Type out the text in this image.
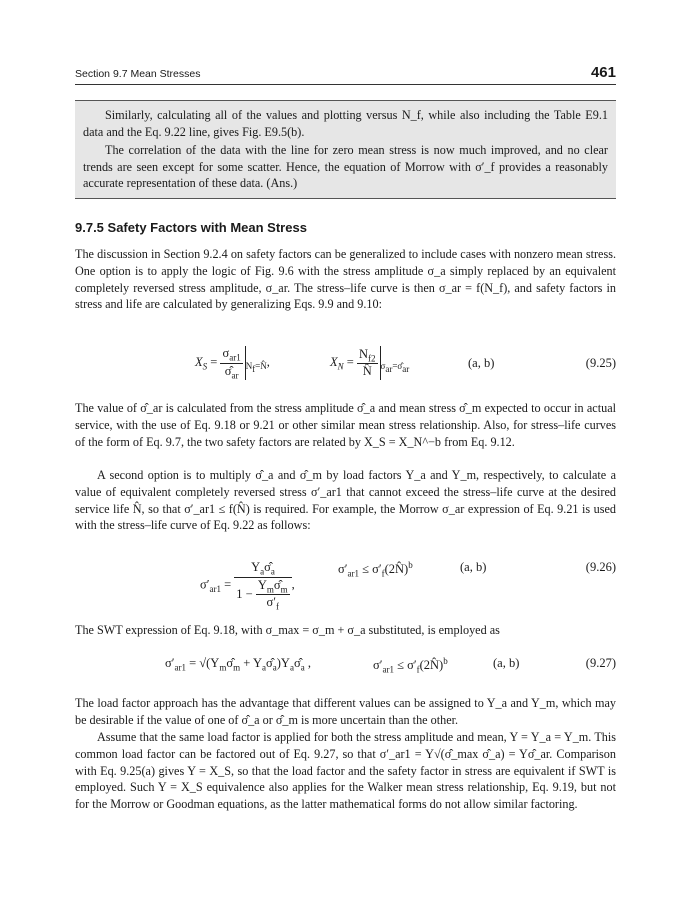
Section 9.7 Mean Stresses	461

Similarly, calculating all of the values and plotting versus N_f, while also including the Table E9.1 data and the Eq. 9.22 line, gives Fig. E9.5(b).

The correlation of the data with the line for zero mean stress is now much improved, and no clear trends are seen except for some scatter. Hence, the equation of Morrow with σ′_f provides a reasonably accurate representation of these data. (Ans.)

9.7.5 Safety Factors with Mean Stress

The discussion in Section 9.2.4 on safety factors can be generalized to include cases with nonzero mean stress. One option is to apply the logic of Fig. 9.6 with the stress amplitude σ_a simply replaced by an equivalent completely reversed stress amplitude, σ_ar. The stress–life curve is then σ_ar = f(N_f), and safety factors in stress and life are calculated by generalizing Eqs. 9.9 and 9.10:

$X_S = \frac{\sigma_{ar1}}{\sigmâ_{ar}} _{N_f=N̂}$,	$X_N = \frac{N_{f2}}{N̂} _{\sigma_{ar}=\sigmâ_{ar}}$	(a, b)	(9.25)

The value of σ̂_ar is calculated from the stress amplitude σ̂_a and mean stress σ̂_m expected to occur in actual service, with the use of Eq. 9.18 or 9.21 or other similar mean stress relationship. Also, for stress–life curves of the form of Eq. 9.7, the two safety factors are related by X_S = X_N^−b from Eq. 9.12.

A second option is to multiply σ̂_a and σ̂_m by load factors Y_a and Y_m, respectively, to calculate a value of equivalent completely reversed stress σ′_ar1 that cannot exceed the stress–life curve at the desired service life N̂, so that σ′_ar1 ≤ f(N̂) is required. For example, the Morrow σ_ar expression of Eq. 9.21 is used with the stress–life curve of Eq. 9.22 as follows:

$\sigma'_{ar1} = \frac{Y_a\sigmâ_a}{1 - \frac{Y_m\sigmâ_m}{\sigma'_f}}$ ,
$\sigma'_{ar1}$ ≤ $\sigma'_f(2N̂)^b$	(a, b)	(9.26)

The SWT expression of Eq. 9.18, with σ_max = σ_m + σ_a substituted, is employed as

$\sigma'_{ar1}$ = $√(Y_m\sigmâ_m$ + $Y_a\sigmâ_a)Y_a\sigmâ_a$ ,	$\sigma'_{ar1}$ ≤ $\sigma'_f(2N̂)^b$	(a, b)	(9.27)

The load factor approach has the advantage that different values can be assigned to Y_a and Y_m, which may be desirable if the value of one of σ̂_a or σ̂_m is more uncertain than the other.

Assume that the same load factor is applied for both the stress amplitude and mean, Y = Y_a = Y_m. This common load factor can be factored out of Eq. 9.27, so that σ′_ar1 = Y√(σ̂_max σ̂_a) = Yσ̂_ar. Comparison with Eq. 9.25(a) gives Y = X_S, so that the load factor and the safety factor in stress are equivalent if SWT is employed. Such Y = X_S equivalence also applies for the Walker mean stress relationship, Eq. 9.19, but not for the Morrow or Goodman equations, as the latter mathematical forms do not allow similar factoring.
